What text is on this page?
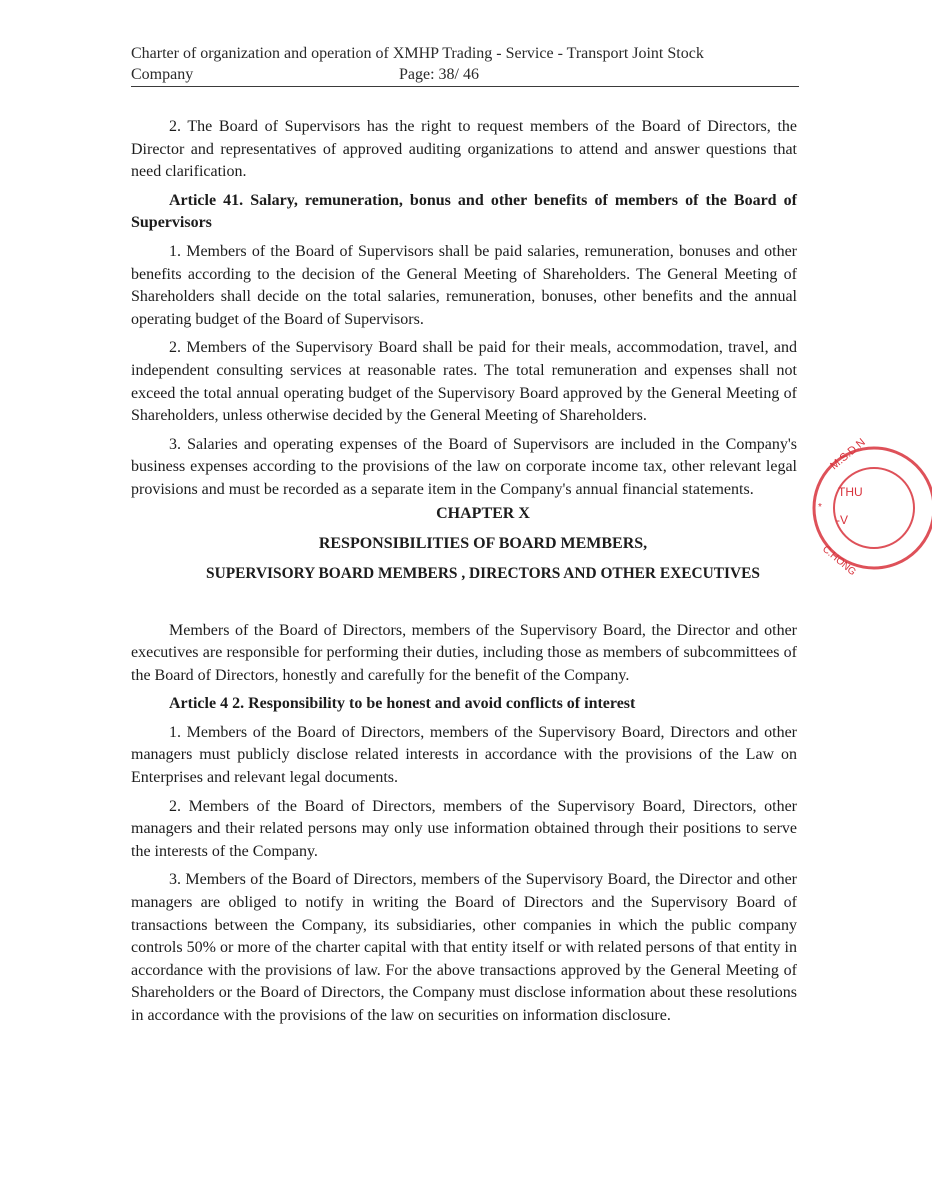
Charter of organization and operation of XMHP Trading - Service - Transport Joint Stock
Company	Page: 38/ 46

2. The Board of Supervisors has the right to request members of the Board of Directors, the Director and representatives of approved auditing organizations to attend and answer questions that need clarification.

Article 41. Salary, remuneration, bonus and other benefits of members of the Board of Supervisors

1. Members of the Board of Supervisors shall be paid salaries, remuneration, bonuses and other benefits according to the decision of the General Meeting of Shareholders. The General Meeting of Shareholders shall decide on the total salaries, remuneration, bonuses, other benefits and the annual operating budget of the Board of Supervisors.

2. Members of the Supervisory Board shall be paid for their meals, accommodation, travel, and independent consulting services at reasonable rates. The total remuneration and expenses shall not exceed the total annual operating budget of the Supervisory Board approved by the General Meeting of Shareholders, unless otherwise decided by the General Meeting of Shareholders.

3. Salaries and operating expenses of the Board of Supervisors are included in the Company's business expenses according to the provisions of the law on corporate income tax, other relevant legal provisions and must be recorded as a separate item in the Company's annual financial statements.

CHAPTER X

RESPONSIBILITIES OF BOARD MEMBERS,

SUPERVISORY BOARD MEMBERS , DIRECTORS AND OTHER EXECUTIVES

Members of the Board of Directors, members of the Supervisory Board, the Director and other executives are responsible for performing their duties, including those as members of subcommittees of the Board of Directors, honestly and carefully for the benefit of the Company.

Article 4 2. Responsibility to be honest and avoid conflicts of interest

1. Members of the Board of Directors, members of the Supervisory Board, Directors and other managers must publicly disclose related interests in accordance with the provisions of the Law on Enterprises and relevant legal documents.

2. Members of the Board of Directors, members of the Supervisory Board, Directors, other managers and their related persons may only use information obtained through their positions to serve the interests of the Company.

3. Members of the Board of Directors, members of the Supervisory Board, the Director and other managers are obliged to notify in writing the Board of Directors and the Supervisory Board of transactions between the Company, its subsidiaries, other companies in which the public company controls 50% or more of the charter capital with that entity itself or with related persons of that entity in accordance with the provisions of law. For the above transactions approved by the General Meeting of Shareholders or the Board of Directors, the Company must disclose information about these resolutions in accordance with the provisions of the law on securities on information disclosure.

M.S.D.N
THU
-V
*
C.HONG
